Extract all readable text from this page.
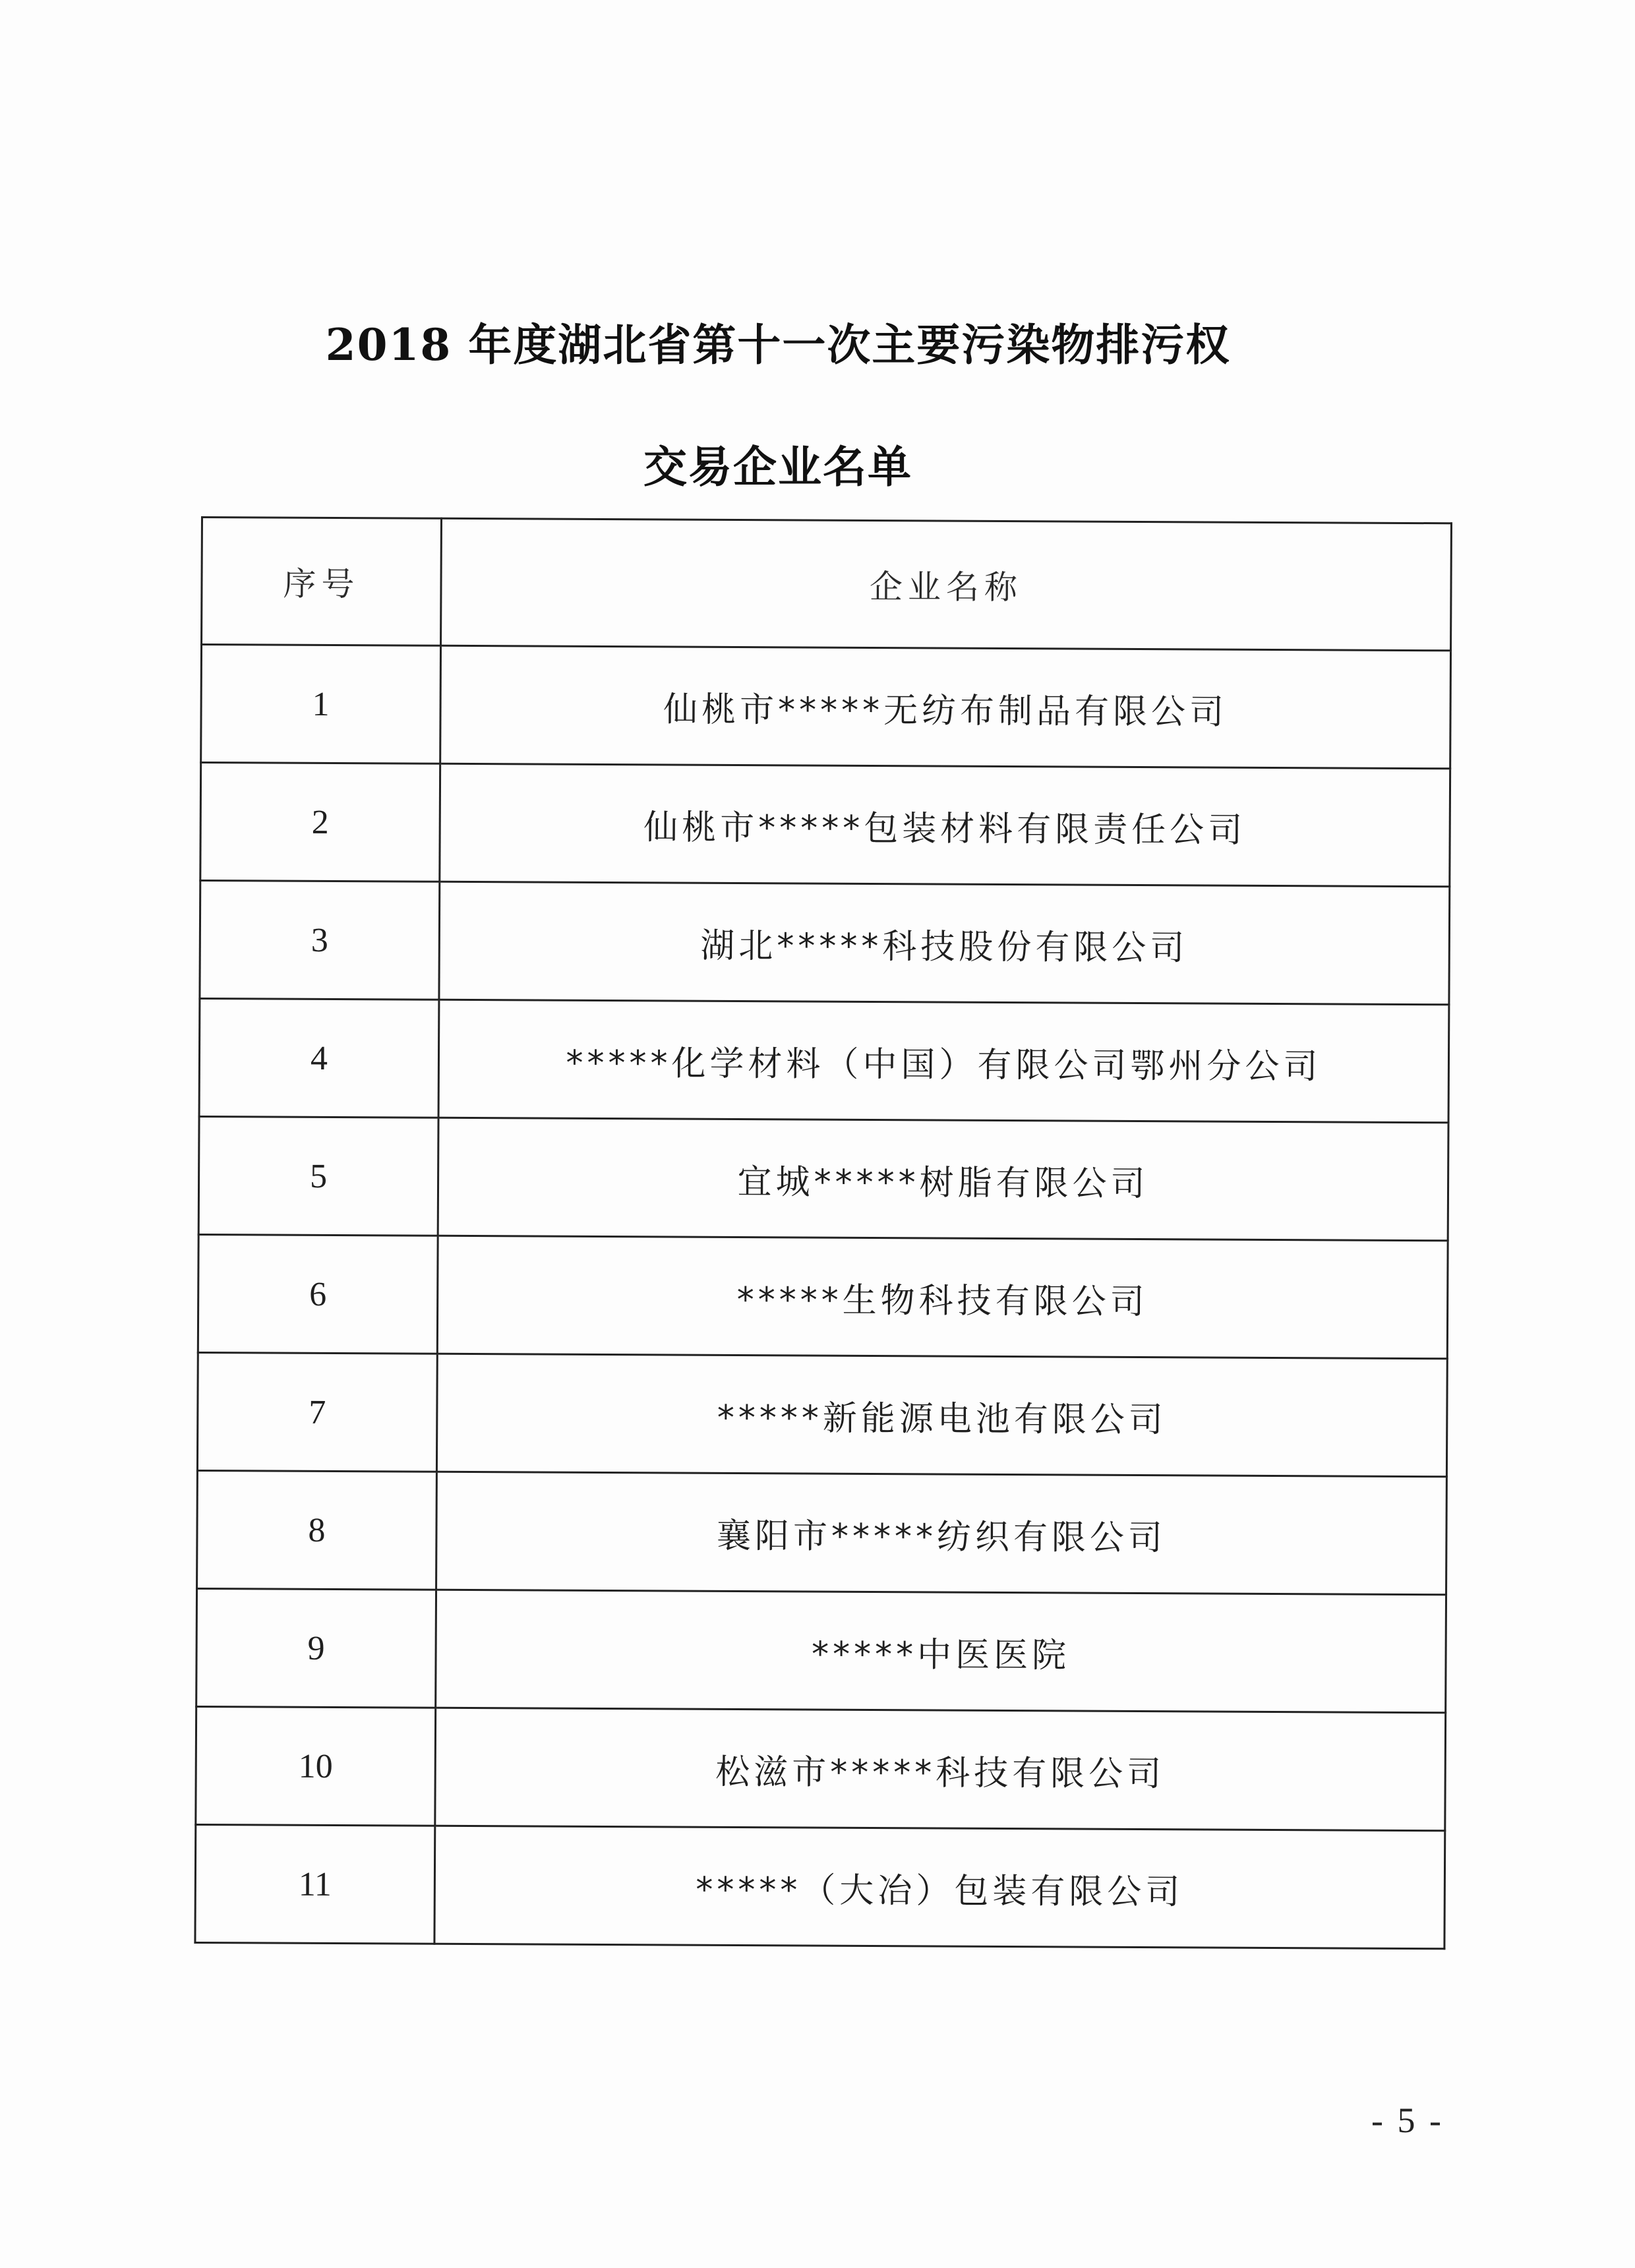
2018 年度湖北省第十一次主要污染物排污权
交易企业名单
序号	企业名称
1	仙桃市*****无纺布制品有限公司
2	仙桃市*****包装材料有限责任公司
3	湖北*****科技股份有限公司
4	*****化学材料（中国）有限公司鄂州分公司
5	宜城*****树脂有限公司
6	*****生物科技有限公司
7	*****新能源电池有限公司
8	襄阳市*****纺织有限公司
9	*****中医医院
10	松滋市*****科技有限公司
11	*****（大冶）包装有限公司
- 5 -
